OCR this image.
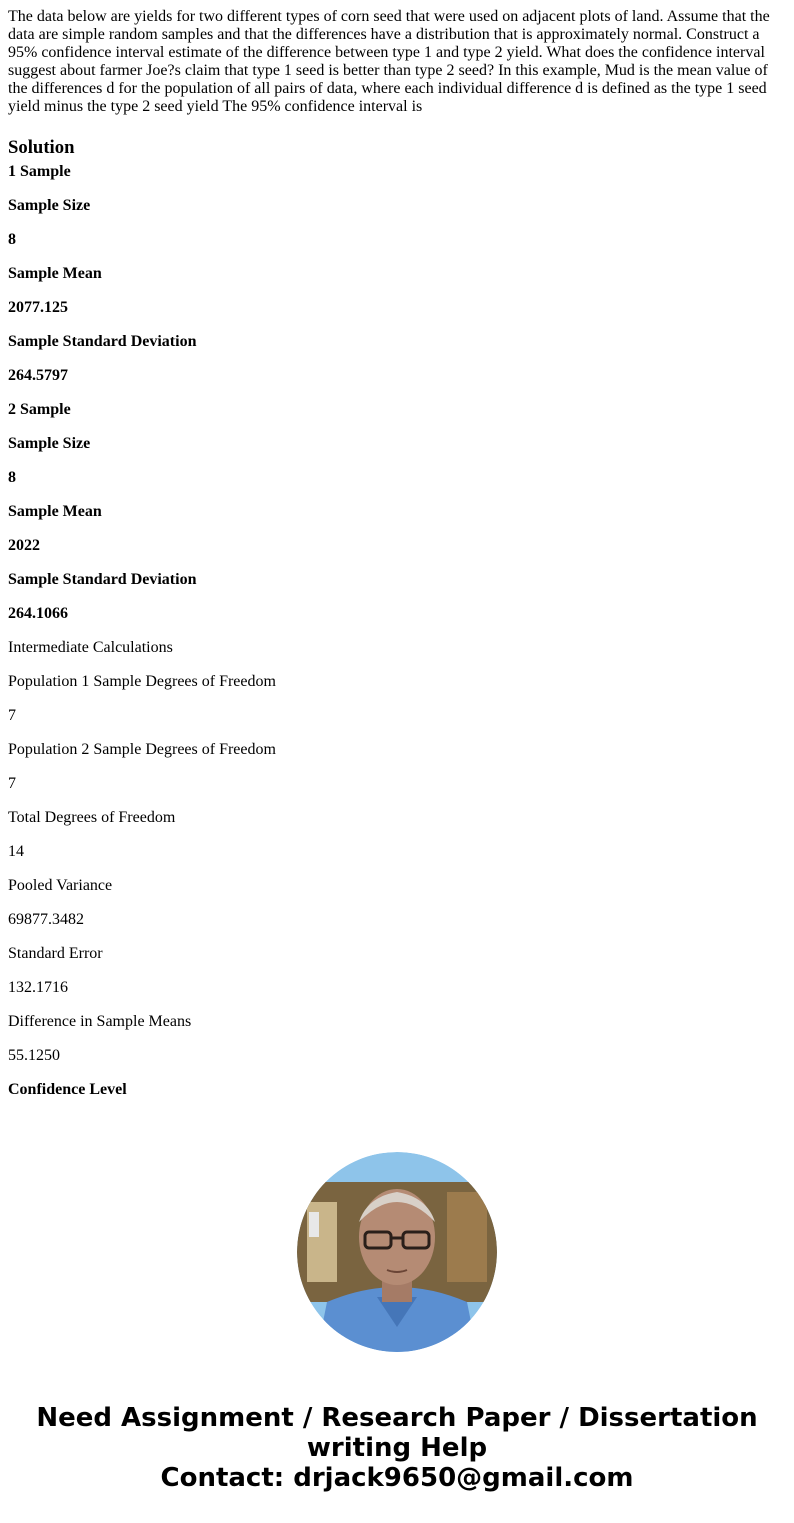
The data below are yields for two different types of corn seed that were used on adjacent plots of land. Assume that the data are simple random samples and that the differences have a distribution that is approximately normal. Construct a 95% confidence interval estimate of the difference between type 1 and type 2 yield. What does the confidence interval suggest about farmer Joe?s claim that type 1 seed is better than type 2 seed? In this example, Mud is the mean value of the differences d for the population of all pairs of data, where each individual difference d is defined as the type 1 seed yield minus the type 2 seed yield The 95% confidence interval is

Solution

1 Sample

Sample Size

8

Sample Mean

2077.125

Sample Standard Deviation

264.5797

2 Sample

Sample Size

8

Sample Mean

2022

Sample Standard Deviation

264.1066

Intermediate Calculations

Population 1 Sample Degrees of Freedom

7

Population 2 Sample Degrees of Freedom

7

Total Degrees of Freedom

14

Pooled Variance

69877.3482

Standard Error

132.1716

Difference in Sample Means

55.1250

Confidence Level

Need Assignment / Research Paper / Dissertation
writing Help
Contact: drjack9650@gmail.com
